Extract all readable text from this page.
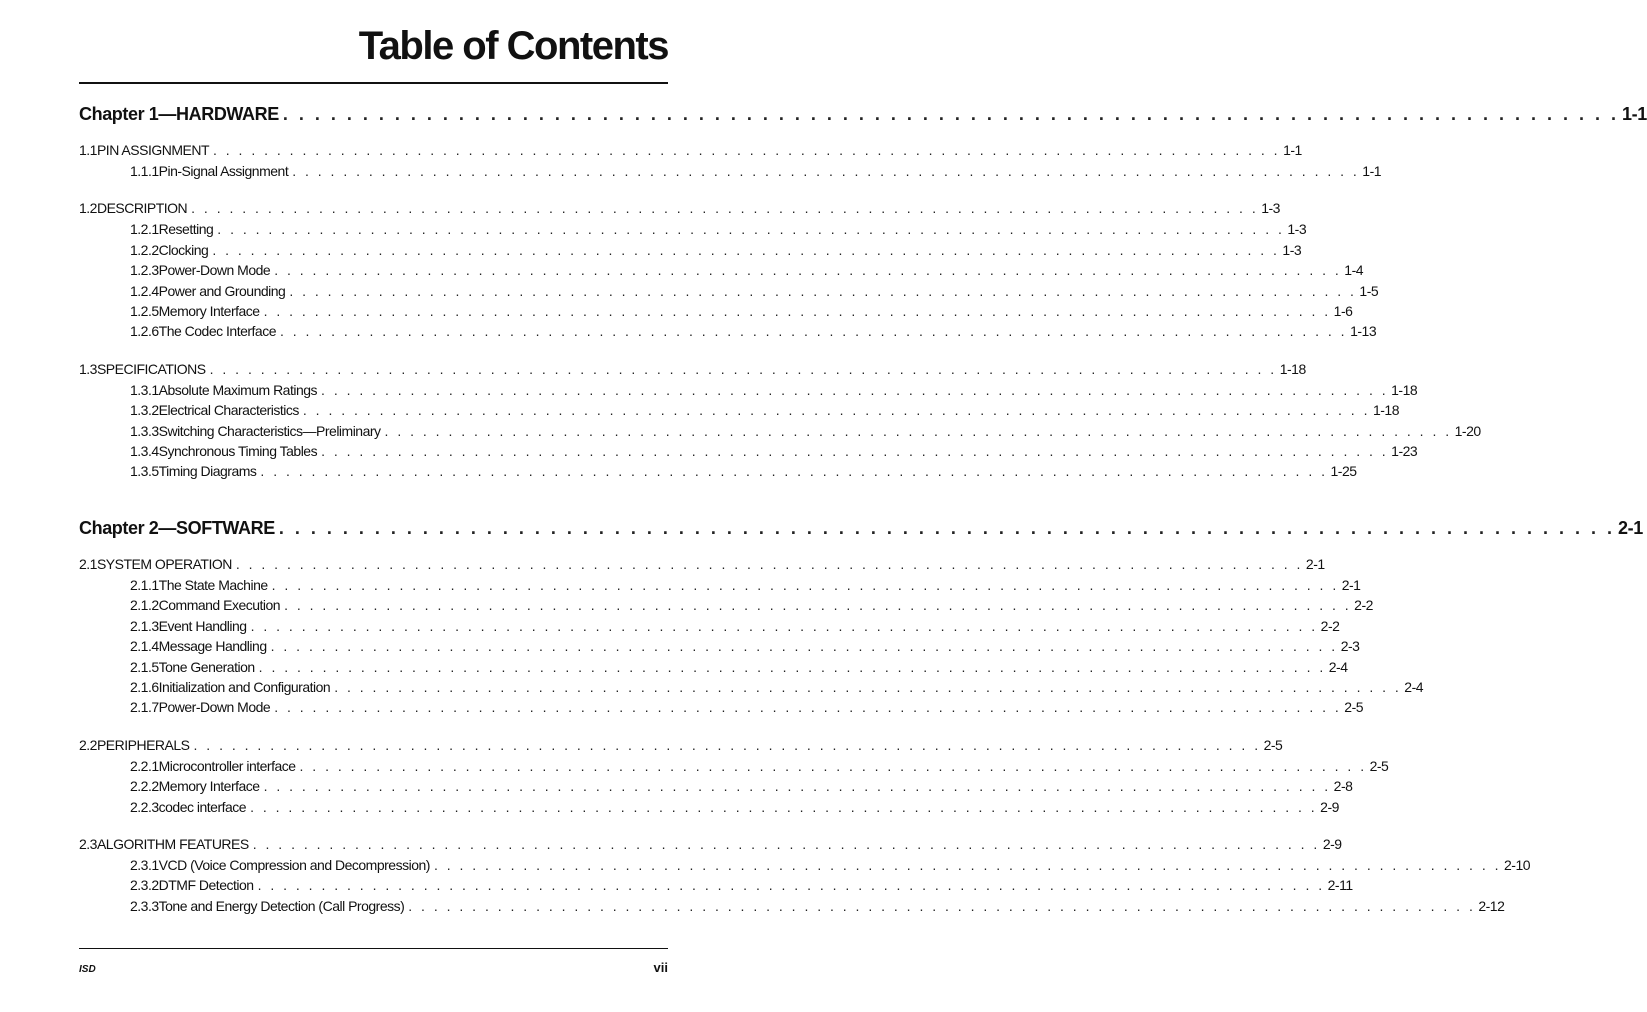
Table of Contents
Chapter 1—HARDWARE . . . . . . . . . . . . . . . . . . . . . . . . . . . . . . . . . . . . . . . . . . . . . . . . . . . . . . . . . . . . . . . . . . . . . . . . . . . . . . . . . . . . 1-1
1.1 PIN ASSIGNMENT . . . . . . . . . . . . . . . . . . . . . . . . . . . . . . . . . . . . . . . . . . . . . . . . . . . . . . . . . . . . . . . . . . . . . . . . . . . . . . . . . . . . 1-1
1.1.1 Pin-Signal Assignment . . . . . . . . . . . . . . . . . . . . . . . . . . . . . . . . . . . . . . . . . . . . . . . . . . . . . . . . . . . . . . . . . . . . . . . . . . . . . . . . . . . . 1-1
1.2 DESCRIPTION . . . . . . . . . . . . . . . . . . . . . . . . . . . . . . . . . . . . . . . . . . . . . . . . . . . . . . . . . . . . . . . . . . . . . . . . . . . . . . . . . . . . 1-3
1.2.1 Resetting . . . . . . . . . . . . . . . . . . . . . . . . . . . . . . . . . . . . . . . . . . . . . . . . . . . . . . . . . . . . . . . . . . . . . . . . . . . . . . . . . . . . 1-3
1.2.2 Clocking . . . . . . . . . . . . . . . . . . . . . . . . . . . . . . . . . . . . . . . . . . . . . . . . . . . . . . . . . . . . . . . . . . . . . . . . . . . . . . . . . . . . 1-3
1.2.3 Power-Down Mode . . . . . . . . . . . . . . . . . . . . . . . . . . . . . . . . . . . . . . . . . . . . . . . . . . . . . . . . . . . . . . . . . . . . . . . . . . . . . . . . . . . . 1-4
1.2.4 Power and Grounding . . . . . . . . . . . . . . . . . . . . . . . . . . . . . . . . . . . . . . . . . . . . . . . . . . . . . . . . . . . . . . . . . . . . . . . . . . . . . . . . . . . . 1-5
1.2.5 Memory Interface . . . . . . . . . . . . . . . . . . . . . . . . . . . . . . . . . . . . . . . . . . . . . . . . . . . . . . . . . . . . . . . . . . . . . . . . . . . . . . . . . . . . 1-6
1.2.6 The Codec Interface . . . . . . . . . . . . . . . . . . . . . . . . . . . . . . . . . . . . . . . . . . . . . . . . . . . . . . . . . . . . . . . . . . . . . . . . . . . . . . . . . . . . 1-13
1.3 SPECIFICATIONS . . . . . . . . . . . . . . . . . . . . . . . . . . . . . . . . . . . . . . . . . . . . . . . . . . . . . . . . . . . . . . . . . . . . . . . . . . . . . . . . . . . . 1-18
1.3.1 Absolute Maximum Ratings . . . . . . . . . . . . . . . . . . . . . . . . . . . . . . . . . . . . . . . . . . . . . . . . . . . . . . . . . . . . . . . . . . . . . . . . . . . . . . . . . . . . 1-18
1.3.2 Electrical Characteristics . . . . . . . . . . . . . . . . . . . . . . . . . . . . . . . . . . . . . . . . . . . . . . . . . . . . . . . . . . . . . . . . . . . . . . . . . . . . . . . . . . . . 1-18
1.3.3 Switching Characteristics—Preliminary . . . . . . . . . . . . . . . . . . . . . . . . . . . . . . . . . . . . . . . . . . . . . . . . . . . . . . . . . . . . . . . . . . . . . . . . . . . . . . . . . . . . 1-20
1.3.4 Synchronous Timing Tables . . . . . . . . . . . . . . . . . . . . . . . . . . . . . . . . . . . . . . . . . . . . . . . . . . . . . . . . . . . . . . . . . . . . . . . . . . . . . . . . . . . . 1-23
1.3.5 Timing Diagrams . . . . . . . . . . . . . . . . . . . . . . . . . . . . . . . . . . . . . . . . . . . . . . . . . . . . . . . . . . . . . . . . . . . . . . . . . . . . . . . . . . . . 1-25
Chapter 2—SOFTWARE . . . . . . . . . . . . . . . . . . . . . . . . . . . . . . . . . . . . . . . . . . . . . . . . . . . . . . . . . . . . . . . . . . . . . . . . . . . . . . . . . . . . 2-1
2.1 SYSTEM OPERATION . . . . . . . . . . . . . . . . . . . . . . . . . . . . . . . . . . . . . . . . . . . . . . . . . . . . . . . . . . . . . . . . . . . . . . . . . . . . . . . . . . . . 2-1
2.1.1 The State Machine . . . . . . . . . . . . . . . . . . . . . . . . . . . . . . . . . . . . . . . . . . . . . . . . . . . . . . . . . . . . . . . . . . . . . . . . . . . . . . . . . . . . 2-1
2.1.2 Command Execution . . . . . . . . . . . . . . . . . . . . . . . . . . . . . . . . . . . . . . . . . . . . . . . . . . . . . . . . . . . . . . . . . . . . . . . . . . . . . . . . . . . . 2-2
2.1.3 Event Handling . . . . . . . . . . . . . . . . . . . . . . . . . . . . . . . . . . . . . . . . . . . . . . . . . . . . . . . . . . . . . . . . . . . . . . . . . . . . . . . . . . . . 2-2
2.1.4 Message Handling . . . . . . . . . . . . . . . . . . . . . . . . . . . . . . . . . . . . . . . . . . . . . . . . . . . . . . . . . . . . . . . . . . . . . . . . . . . . . . . . . . . . 2-3
2.1.5 Tone Generation . . . . . . . . . . . . . . . . . . . . . . . . . . . . . . . . . . . . . . . . . . . . . . . . . . . . . . . . . . . . . . . . . . . . . . . . . . . . . . . . . . . . 2-4
2.1.6 Initialization and Configuration . . . . . . . . . . . . . . . . . . . . . . . . . . . . . . . . . . . . . . . . . . . . . . . . . . . . . . . . . . . . . . . . . . . . . . . . . . . . . . . . . . . . 2-4
2.1.7 Power-Down Mode . . . . . . . . . . . . . . . . . . . . . . . . . . . . . . . . . . . . . . . . . . . . . . . . . . . . . . . . . . . . . . . . . . . . . . . . . . . . . . . . . . . . 2-5
2.2 PERIPHERALS . . . . . . . . . . . . . . . . . . . . . . . . . . . . . . . . . . . . . . . . . . . . . . . . . . . . . . . . . . . . . . . . . . . . . . . . . . . . . . . . . . . . 2-5
2.2.1 Microcontroller interface . . . . . . . . . . . . . . . . . . . . . . . . . . . . . . . . . . . . . . . . . . . . . . . . . . . . . . . . . . . . . . . . . . . . . . . . . . . . . . . . . . . . 2-5
2.2.2 Memory Interface . . . . . . . . . . . . . . . . . . . . . . . . . . . . . . . . . . . . . . . . . . . . . . . . . . . . . . . . . . . . . . . . . . . . . . . . . . . . . . . . . . . . 2-8
2.2.3 codec interface . . . . . . . . . . . . . . . . . . . . . . . . . . . . . . . . . . . . . . . . . . . . . . . . . . . . . . . . . . . . . . . . . . . . . . . . . . . . . . . . . . . . 2-9
2.3 ALGORITHM FEATURES . . . . . . . . . . . . . . . . . . . . . . . . . . . . . . . . . . . . . . . . . . . . . . . . . . . . . . . . . . . . . . . . . . . . . . . . . . . . . . . . . . . . 2-9
2.3.1 VCD (Voice Compression and Decompression) . . . . . . . . . . . . . . . . . . . . . . . . . . . . . . . . . . . . . . . . . . . . . . . . . . . . . . . . . . . . . . . . . . . . . . . . . . . . . . . . . . . . 2-10
2.3.2 DTMF Detection . . . . . . . . . . . . . . . . . . . . . . . . . . . . . . . . . . . . . . . . . . . . . . . . . . . . . . . . . . . . . . . . . . . . . . . . . . . . . . . . . . . . 2-11
2.3.3 Tone and Energy Detection (Call Progress) . . . . . . . . . . . . . . . . . . . . . . . . . . . . . . . . . . . . . . . . . . . . . . . . . . . . . . . . . . . . . . . . . . . . . . . . . . . . . . . . . . . . 2-12
ISD	vii
